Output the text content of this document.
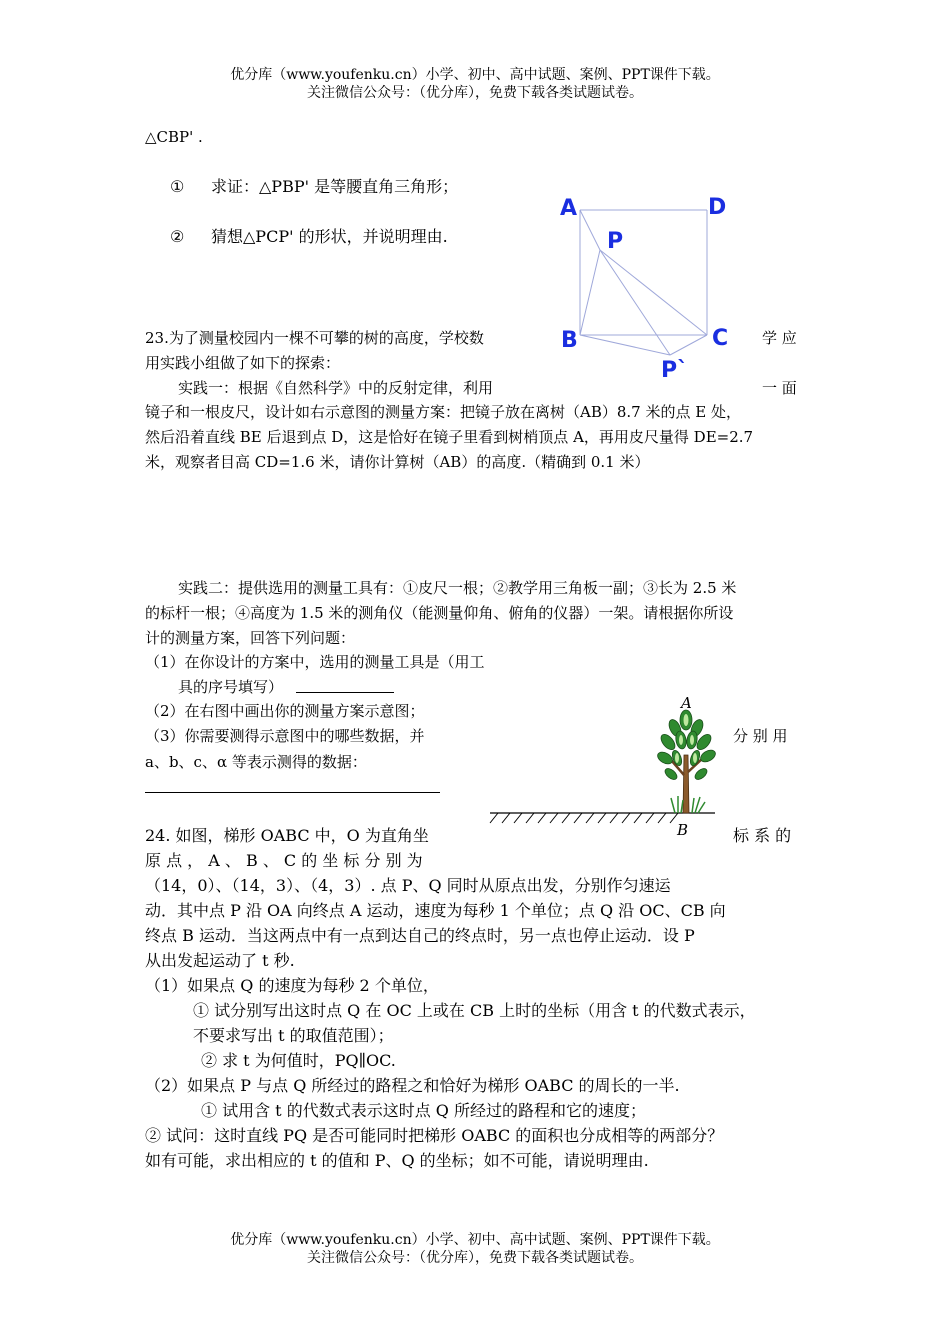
优分库（www.youfenku.cn）小学、初中、高中试题、案例、PPT课件下载。
关注微信公众号：（优分库），免费下载各类试题试卷。
△CBP' .
① 求证：△PBP' 是等腰直角三角形；
② 猜想△PCP' 的形状，并说明理由.
A	D
P
B	C
P`
23.为了测量校园内一棵不可攀的树的高度，学校数	学 应
用实践小组做了如下的探索：
实践一：根据《自然科学》中的反射定律，利用	一 面
镜子和一根皮尺，设计如右示意图的测量方案：把镜子放在离树（AB）8.7 米的点 E 处，
然后沿着直线 BE 后退到点 D，这是恰好在镜子里看到树梢顶点 A，再用皮尺量得 DE=2.7
米，观察者目高 CD=1.6 米，请你计算树（AB）的高度.（精确到 0.1 米）
实践二：提供选用的测量工具有：①皮尺一根；②教学用三角板一副；③长为 2.5 米
的标杆一根；④高度为 1.5 米的测角仪（能测量仰角、俯角的仪器）一架。请根据你所设
计的测量方案，回答下列问题：
（1）在你设计的方案中，选用的测量工具是（用工
具的序号填写）
（2）在右图中画出你的测量方案示意图；
（3）你需要测得示意图中的哪些数据，并	分 别 用
a、b、c、α 等表示测得的数据：
A
B
24. 如图，梯形 OABC 中，O 为直角坐	标 系 的
原 点 ， A 、 B 、 C 的 坐 标 分 别 为
（14，0）、（14，3）、（4，3）. 点 P、Q 同时从原点出发，分别作匀速运
动．其中点 P 沿 OA 向终点 A 运动，速度为每秒 1 个单位；点 Q 沿 OC、CB 向
终点 B 运动．当这两点中有一点到达自己的终点时，另一点也停止运动．设 P
从出发起运动了 t 秒.
（1）如果点 Q 的速度为每秒 2 个单位，
① 试分别写出这时点 Q 在 OC 上或在 CB 上时的坐标（用含 t 的代数式表示，
不要求写出 t 的取值范围）；
② 求 t 为何值时，PQ∥OC.
（2）如果点 P 与点 Q 所经过的路程之和恰好为梯形 OABC 的周长的一半.
① 试用含 t 的代数式表示这时点 Q 所经过的路程和它的速度；
② 试问：这时直线 PQ 是否可能同时把梯形 OABC 的面积也分成相等的两部分？
如有可能，求出相应的 t 的值和 P、Q 的坐标；如不可能，请说明理由.
优分库（www.youfenku.cn）小学、初中、高中试题、案例、PPT课件下载。
关注微信公众号：（优分库），免费下载各类试题试卷。
